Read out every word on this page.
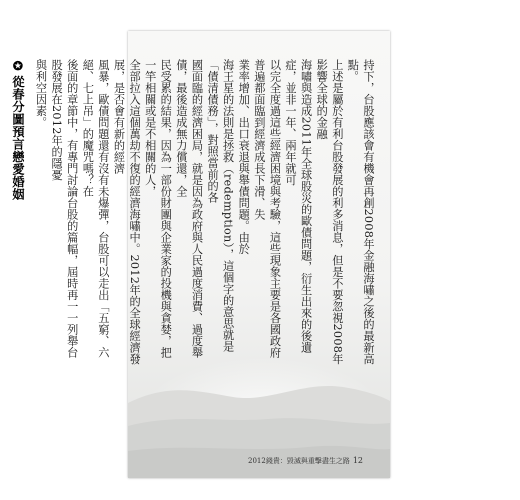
持下，台股應該會有機會再創2008年金融海嘯之後的最新高點。

上述是屬於有利台股發展的利多消息，但是不要忽視2008年影響全球的金融

海嘯與造成2011年全球股災的歐債問題，衍生出來的後遺症，並非一年、兩年就可

以完全度過這些經濟困境與考驗，這些現象主要是各國政府普遍都面臨到經濟成長下滑、失

業率增加、出口衰退與舉債問題。由於

海王星的法則是拯救（redemption），這個字的意思就是「債清債務」，對照當前的各

國面臨的經濟困局，就是因為政府與人民過度消費、過度舉債，最後造成無力償還，全

民受累的結果，因為一部份財團與企業家的投機與貪婪，把一竿相關或是不相關的人，

全部拉入這個萬劫不復的經濟海嘯中。2012年的全球經濟發展，是否會有新的經濟

風暴，歐債問題還有沒有未爆彈，台股可以走出「五窮、六絕、七上吊」的魔咒嗎？在

後面的章節中，有專門討論台股的篇幅，屆時再一一列舉台股發展在2012年的隱憂

與利空因素。

✪從春分圖預言戀愛婚姻

2012錢貴：毀滅與重擊盡生之路 12
